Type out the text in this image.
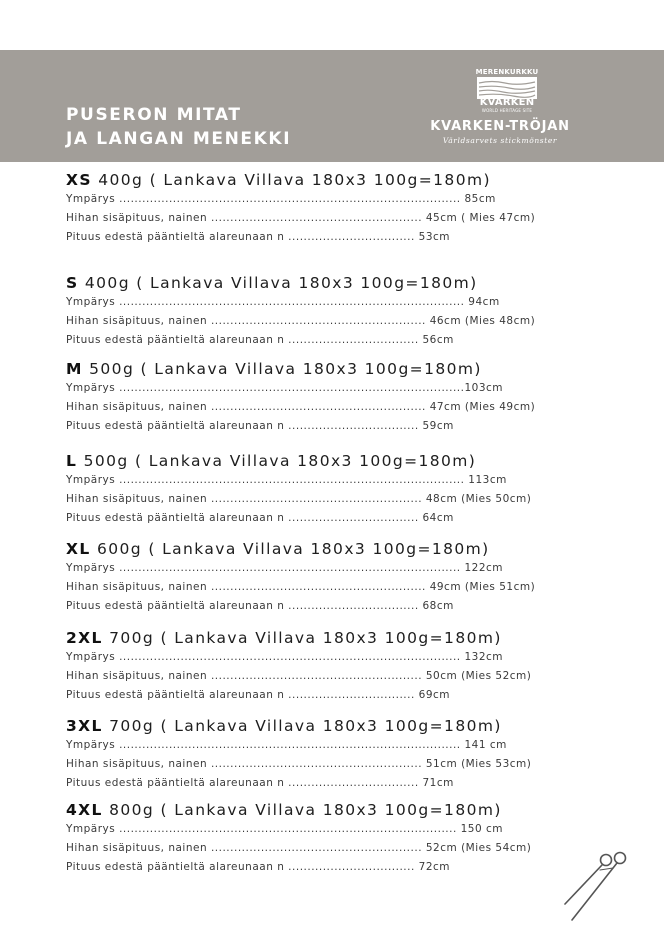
PUSERON MITAT
JA LANGAN MENEKKI
MERENKURKKU
KVARKEN
WORLD HERITAGE SITE
KVARKEN-TRÖJAN
Världsarvets stickmönster
XS 400g ( Lankava Villava 180x3 100g=180m)
Ympärys ......................................................................................... 85cm
Hihan sisäpituus, nainen ....................................................... 45cm ( Mies 47cm)
Pituus edestä pääntieltä alareunaan n ................................. 53cm
S 400g ( Lankava Villava 180x3 100g=180m)
Ympärys .......................................................................................... 94cm
Hihan sisäpituus, nainen ........................................................ 46cm (Mies 48cm)
Pituus edestä pääntieltä alareunaan n .................................. 56cm
M 500g ( Lankava Villava 180x3 100g=180m)
Ympärys ..........................................................................................103cm
Hihan sisäpituus, nainen ........................................................ 47cm (Mies 49cm)
Pituus edestä pääntieltä alareunaan n .................................. 59cm
L 500g ( Lankava Villava 180x3 100g=180m)
Ympärys .......................................................................................... 113cm
Hihan sisäpituus, nainen ....................................................... 48cm (Mies 50cm)
Pituus edestä pääntieltä alareunaan n .................................. 64cm
XL 600g ( Lankava Villava 180x3 100g=180m)
Ympärys ......................................................................................... 122cm
Hihan sisäpituus, nainen ........................................................ 49cm (Mies 51cm)
Pituus edestä pääntieltä alareunaan n .................................. 68cm
2XL 700g ( Lankava Villava 180x3 100g=180m)
Ympärys ......................................................................................... 132cm
Hihan sisäpituus, nainen ....................................................... 50cm (Mies 52cm)
Pituus edestä pääntieltä alareunaan n ................................. 69cm
3XL 700g ( Lankava Villava 180x3 100g=180m)
Ympärys ......................................................................................... 141 cm
Hihan sisäpituus, nainen ....................................................... 51cm (Mies 53cm)
Pituus edestä pääntieltä alareunaan n .................................. 71cm
4XL 800g ( Lankava Villava 180x3 100g=180m)
Ympärys ........................................................................................ 150 cm
Hihan sisäpituus, nainen ....................................................... 52cm (Mies 54cm)
Pituus edestä pääntieltä alareunaan n ................................. 72cm
